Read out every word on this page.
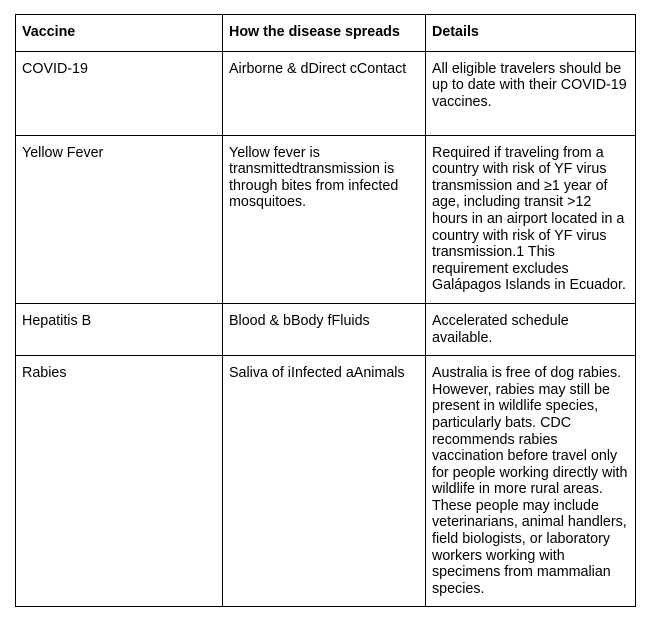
Vaccine	How the disease spreads	Details
COVID-19	Airborne & dDirect cContact	All eligible travelers should be up to date with their COVID-19 vaccines.
Yellow Fever	Yellow fever is transmittedtransmission is through bites from infected mosquitoes.	Required if traveling from a country with risk of YF virus transmission and ≥1 year of age, including transit >12 hours in an airport located in a country with risk of YF virus transmission.1 This requirement excludes Galápagos Islands in Ecuador.
Hepatitis B	Blood & bBody fFluids	Accelerated schedule available.
Rabies	Saliva of iInfected aAnimals	Australia is free of dog rabies. However, rabies may still be present in wildlife species, particularly bats. CDC recommends rabies vaccination before travel only for people working directly with wildlife in more rural areas. These people may include veterinarians, animal handlers, field biologists, or laboratory workers working with specimens from mammalian species.
